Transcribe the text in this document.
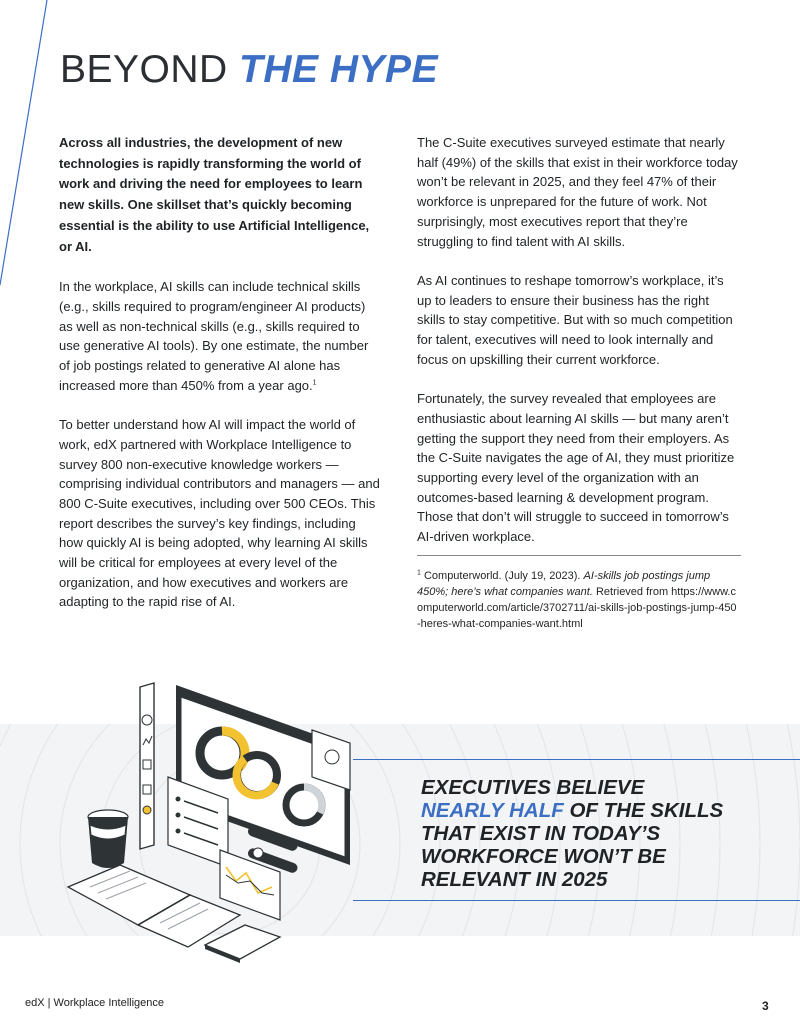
BEYOND THE HYPE

Across all industries, the development of new technologies is rapidly transforming the world of work and driving the need for employees to learn new skills. One skillset that’s quickly becoming essential is the ability to use Artificial Intelligence, or AI.

In the workplace, AI skills can include technical skills (e.g., skills required to program/engineer AI products) as well as non-technical skills (e.g., skills required to use generative AI tools). By one estimate, the number of job postings related to generative AI alone has increased more than 450% from a year ago.$^1$

To better understand how AI will impact the world of work, edX partnered with Workplace Intelligence to survey 800 non-executive knowledge workers — comprising individual contributors and managers — and 800 C-Suite executives, including over 500 CEOs. This report describes the survey’s key findings, including how quickly AI is being adopted, why learning AI skills will be critical for employees at every level of the organization, and how executives and workers are adapting to the rapid rise of AI.

The C-Suite executives surveyed estimate that nearly half (49%) of the skills that exist in their workforce today won’t be relevant in 2025, and they feel 47% of their workforce is unprepared for the future of work. Not surprisingly, most executives report that they’re struggling to find talent with AI skills.

As AI continues to reshape tomorrow’s workplace, it’s up to leaders to ensure their business has the right skills to stay competitive. But with so much competition for talent, executives will need to look internally and focus on upskilling their current workforce.

Fortunately, the survey revealed that employees are enthusiastic about learning AI skills — but many aren’t getting the support they need from their employers. As the C-Suite navigates the age of AI, they must prioritize supporting every level of the organization with an outcomes-based learning & development program. Those that don’t will struggle to succeed in tomorrow’s AI-driven workplace.

$^1$ Computerworld. (July 19, 2023). AI-skills job postings jump 450%; here’s what companies want. Retrieved from https://www.computerworld.com/article/3702711/ai-skills-job-postings-jump-450-heres-what-companies-want.html
EXECUTIVES BELIEVE
NEARLY HALF OF THE SKILLS THAT EXIST IN TODAY’S WORKFORCE WON’T BE RELEVANT IN 2025
edX | Workplace Intelligence	3
